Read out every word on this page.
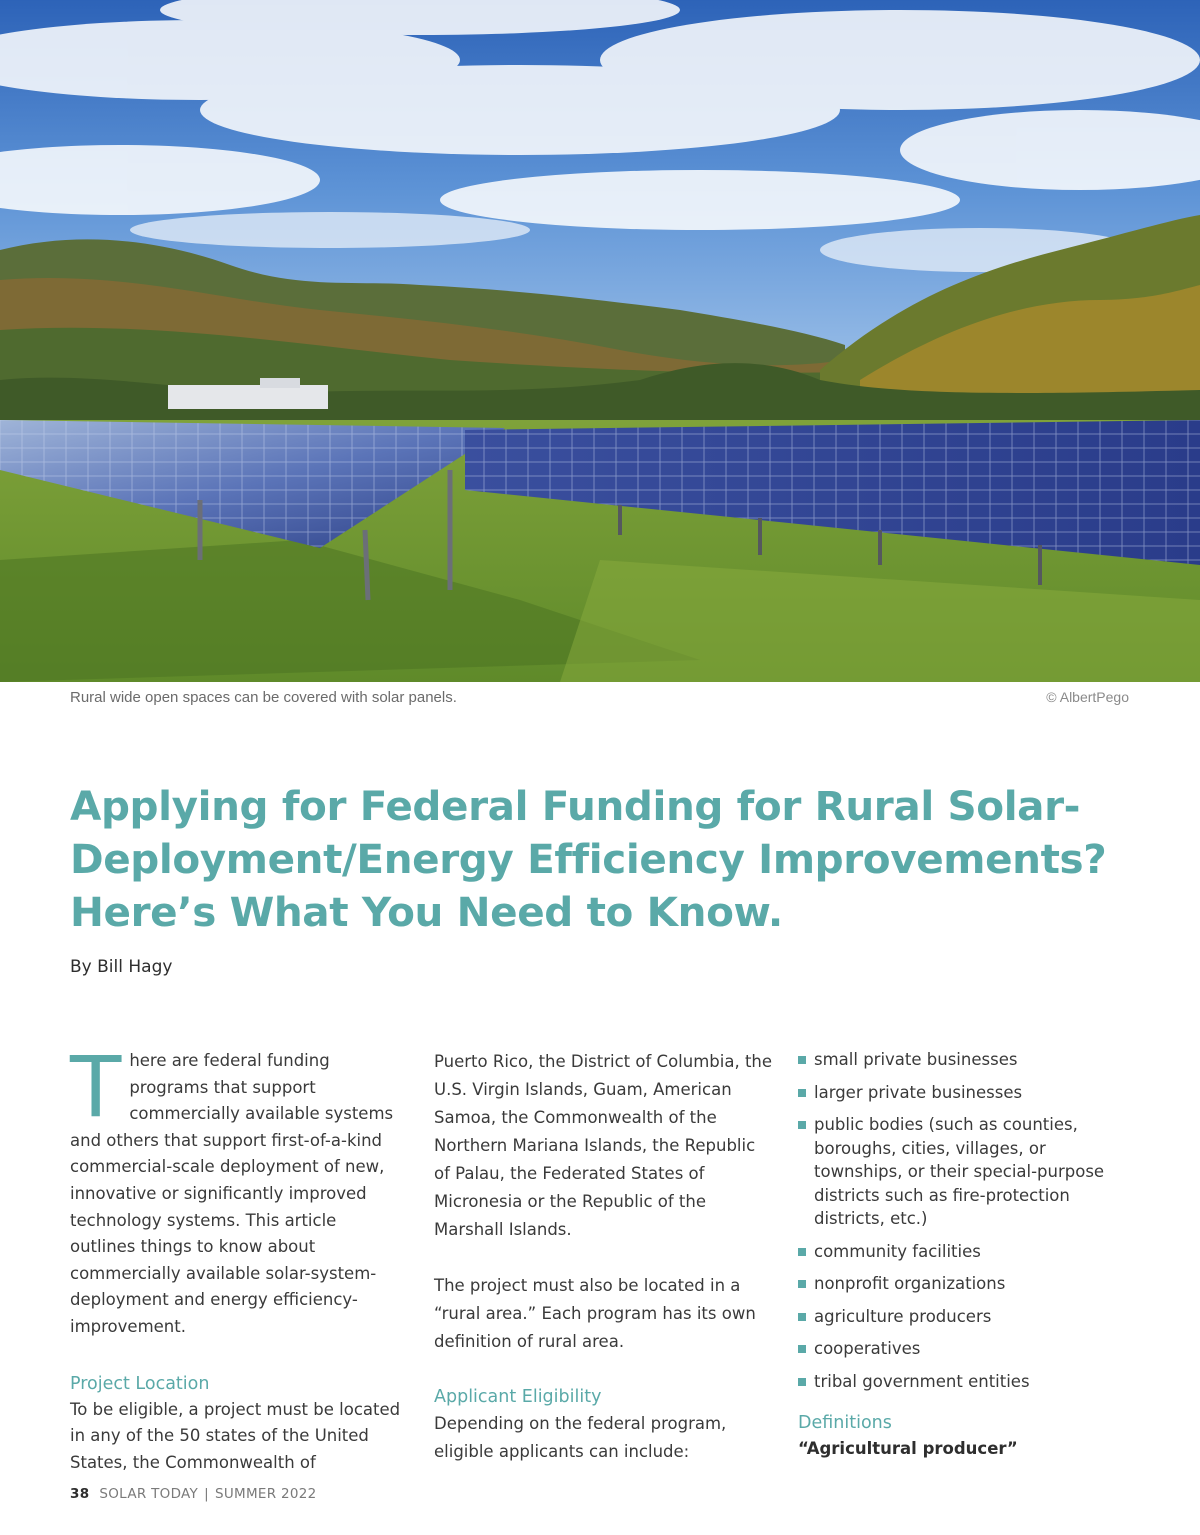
Rural wide open spaces can be covered with solar panels.	© AlbertPego
Applying for Federal Funding for Rural Solar-
Deployment/Energy Efficiency Improvements?
Here’s What You Need to Know.
By Bill Hagy

There are federal funding programs that support commercially available systems and others that support first-of-a-kind commercial-scale deployment of new, innovative or significantly improved technology systems. This article outlines things to know about commercially available solar-system-deployment and energy efficiency-improvement.

Project Location

To be eligible, a project must be located in any of the 50 states of the United States, the Commonwealth of

Puerto Rico, the District of Columbia, the U.S. Virgin Islands, Guam, American Samoa, the Commonwealth of the Northern Mariana Islands, the Republic of Palau, the Federated States of Micronesia or the Republic of the Marshall Islands.

The project must also be located in a “rural area.” Each program has its own definition of rural area.

Applicant Eligibility

Depending on the federal program, eligible applicants can include:

small private businesses
larger private businesses
public bodies (such as counties, boroughs, cities, villages, or townships, or their special-purpose districts such as fire-protection districts, etc.)
community facilities
nonprofit organizations
agriculture producers
cooperatives
tribal government entities
Definitions
“Agricultural producer”
38 SOLAR TODAY | SUMMER 2022
